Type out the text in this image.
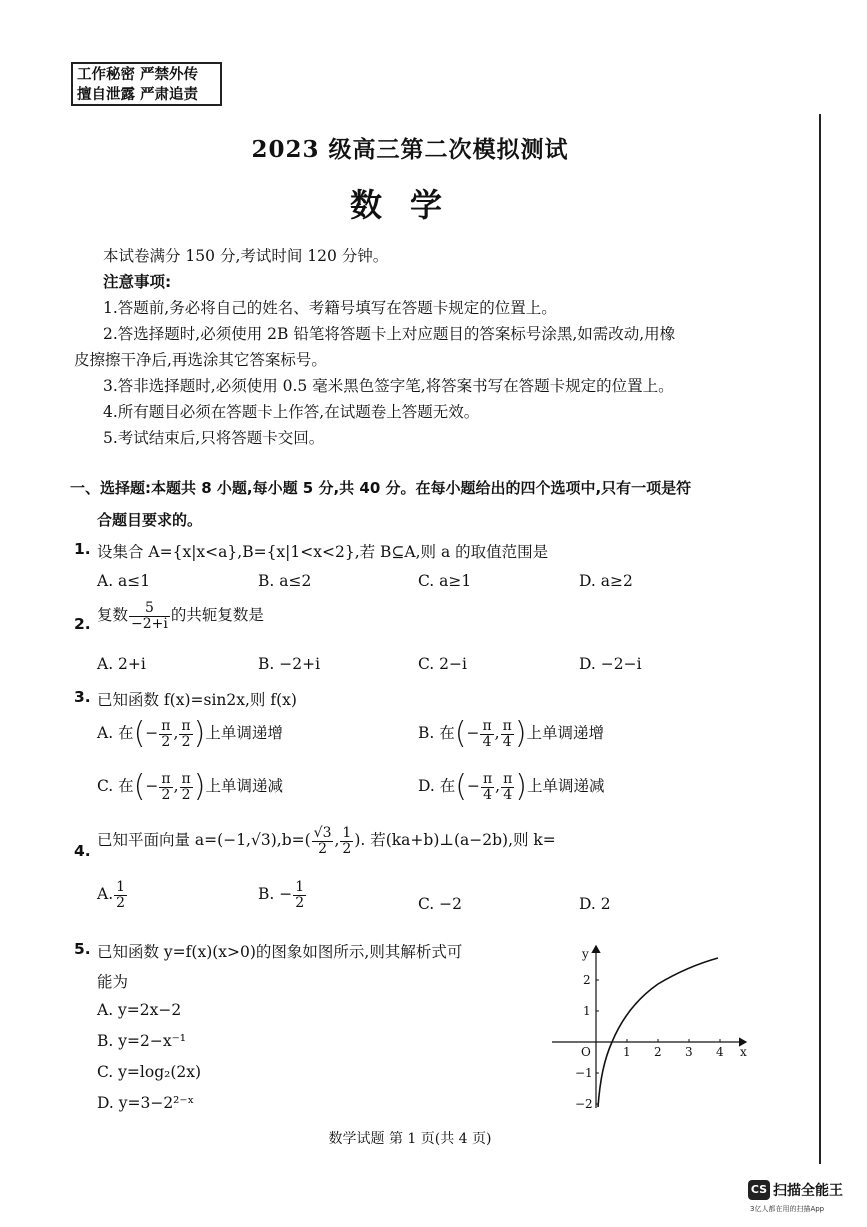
工作秘密 严禁外传
擅自泄露 严肃追责
2023 级高三第二次模拟测试
数学
本试卷满分 150 分,考试时间 120 分钟。
注意事项:
1.答题前,务必将自己的姓名、考籍号填写在答题卡规定的位置上。
2.答选择题时,必须使用 2B 铅笔将答题卡上对应题目的答案标号涂黑,如需改动,用橡
皮擦擦干净后,再选涂其它答案标号。
3.答非选择题时,必须使用 0.5 毫米黑色签字笔,将答案书写在答题卡规定的位置上。
4.所有题目必须在答题卡上作答,在试题卷上答题无效。
5.考试结束后,只将答题卡交回。
一、选择题:本题共 8 小题,每小题 5 分,共 40 分。在每小题给出的四个选项中,只有一项是符
合题目要求的。
1. 设集合 A={x|x<a},B={x|1<x<2},若 B⊆A,则 a 的取值范围是
A. a≤1	B. a≤2	C. a≥1	D. a≥2
2. 复数 $\frac{5}{-2+i}$ 的共轭复数是
A. 2+i	B. −2+i	C. 2−i	D. −2−i
3. 已知函数 f(x)=sin2x,则 f(x)
A. 在(− $\frac{\pi}{2}$ , $\frac{\pi}{2}$ )上单调递增	B. 在(− $\frac{\pi}{4}$ , $\frac{\pi}{4}$ )上单调递增
C. 在(− $\frac{\pi}{2}$ , $\frac{\pi}{2}$ )上单调递减	D. 在(− $\frac{\pi}{4}$ , $\frac{\pi}{4}$ )上单调递减
4.
已知平面向量 $a=(-1,√3),b=( \frac{√3}{2}$ , $\frac{1}{2}$ ). 若(ka+b)⊥(a−2b),则 k=
A. $\frac{1}{2}$	B. − $\frac{1}{2}$	C. −2	D. 2
5. 已知函数 y=f(x)(x>0)的图象如图所示,则其解析式可
能为
A. y=2x−2
B. y=2−x⁻¹
C. y=log₂(2x)
D. y=3−2²⁻ˣ
y
x
O	1 2 3 4
2
1
−1
−2
数学试题 第 1 页(共 4 页)
CS 扫描全能王
3亿人都在用的扫描App
